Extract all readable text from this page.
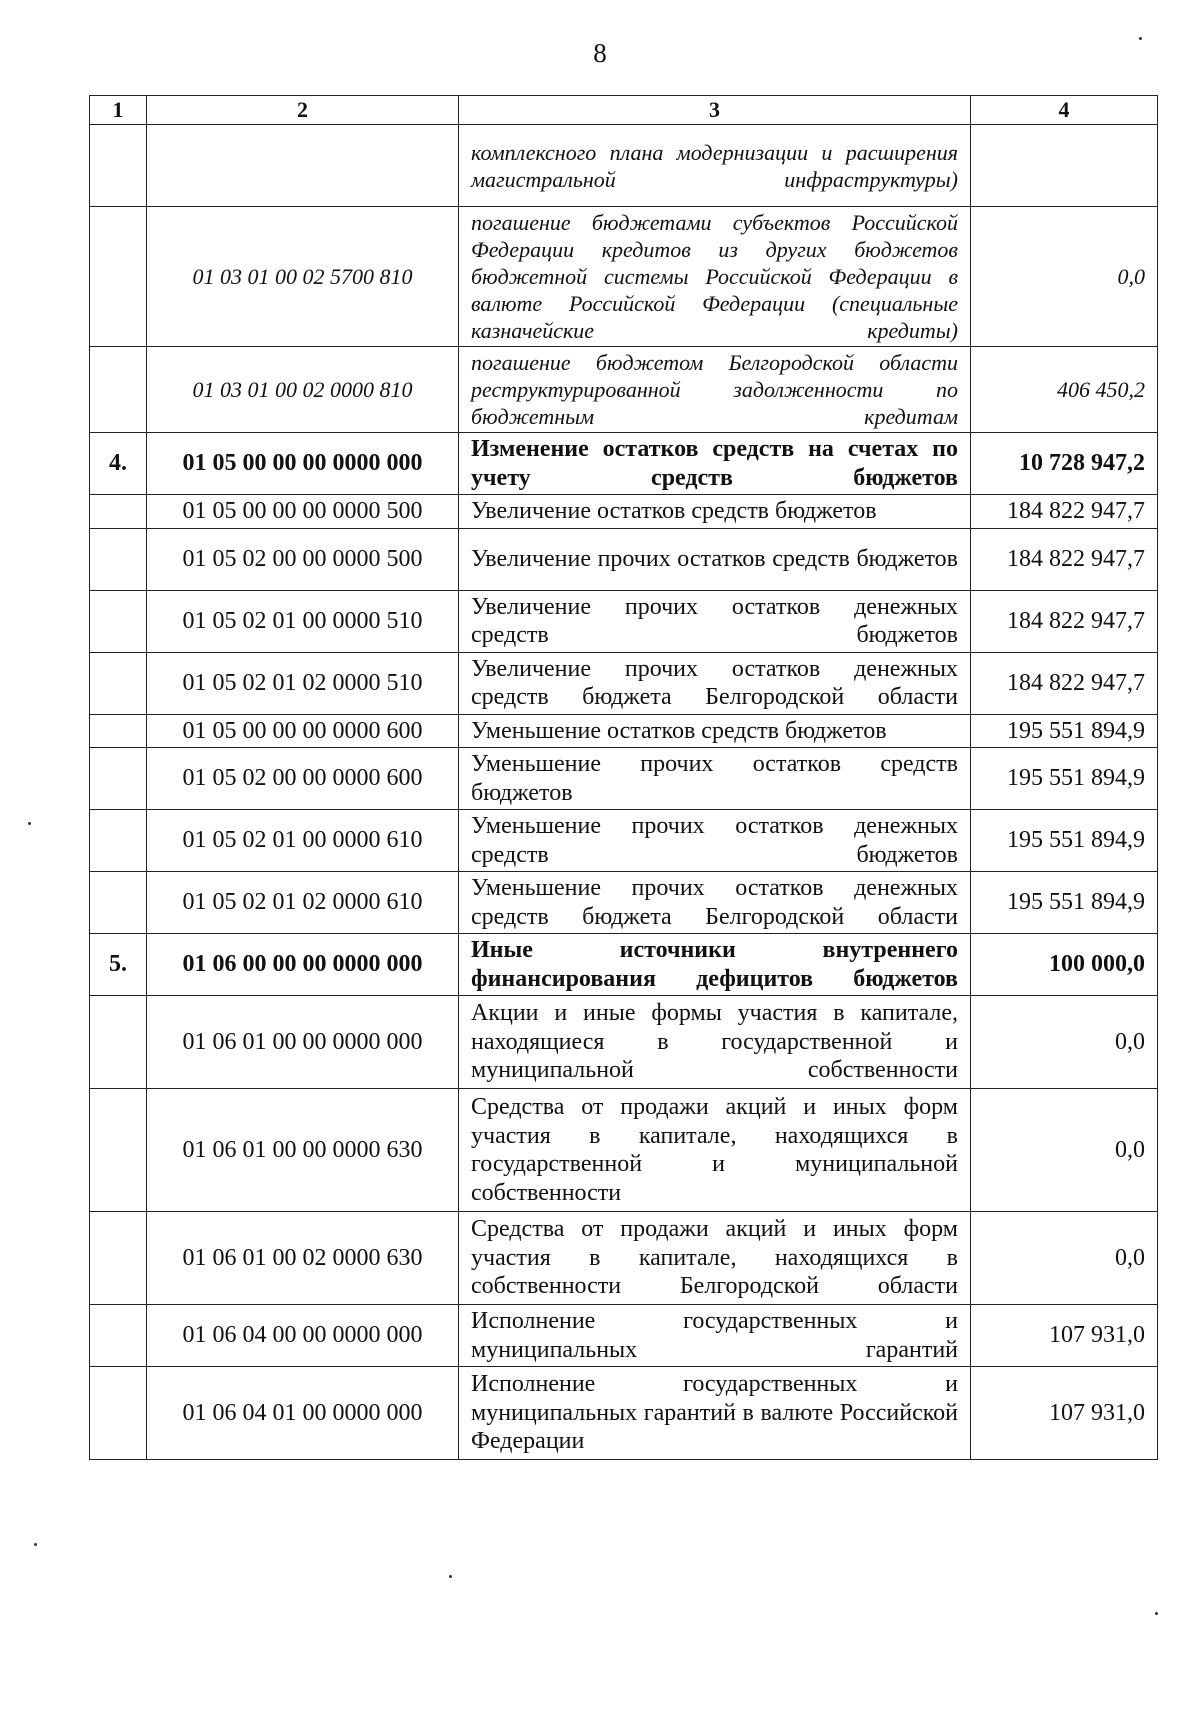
8
1	2	3	4
		комплексного плана модернизации и расширения магистральной инфраструктуры)	
	01 03 01 00 02 5700 810	погашение бюджетами субъектов Российской Федерации кредитов из других бюджетов бюджетной системы Российской Федерации в валюте Российской Федерации (специальные казначейские кредиты)	0,0
	01 03 01 00 02 0000 810	погашение бюджетом Белгородской области реструктурированной задолженности по бюджетным кредитам	406 450,2
4.	01 05 00 00 00 0000 000	Изменение остатков средств на счетах по учету средств бюджетов	10 728 947,2
	01 05 00 00 00 0000 500	Увеличение остатков средств бюджетов	184 822 947,7
	01 05 02 00 00 0000 500	Увеличение прочих остатков средств бюджетов	184 822 947,7
	01 05 02 01 00 0000 510	Увеличение прочих остатков денежных средств бюджетов	184 822 947,7
	01 05 02 01 02 0000 510	Увеличение прочих остатков денежных средств бюджета Белгородской области	184 822 947,7
	01 05 00 00 00 0000 600	Уменьшение остатков средств бюджетов	195 551 894,9
	01 05 02 00 00 0000 600	Уменьшение прочих остатков средств бюджетов	195 551 894,9
	01 05 02 01 00 0000 610	Уменьшение прочих остатков денежных средств бюджетов	195 551 894,9
	01 05 02 01 02 0000 610	Уменьшение прочих остатков денежных средств бюджета Белгородской области	195 551 894,9
5.	01 06 00 00 00 0000 000	Иные источники внутреннего финансирования дефицитов бюджетов	100 000,0
	01 06 01 00 00 0000 000	Акции и иные формы участия в капитале, находящиеся в государственной и муниципальной собственности	0,0
	01 06 01 00 00 0000 630	Средства от продажи акций и иных форм участия в капитале, находящихся в государственной и муниципальной собственности	0,0
	01 06 01 00 02 0000 630	Средства от продажи акций и иных форм участия в капитале, находящихся в собственности Белгородской области	0,0
	01 06 04 00 00 0000 000	Исполнение государственных и муниципальных гарантий	107 931,0
	01 06 04 01 00 0000 000	Исполнение государственных и муниципальных гарантий в валюте Российской Федерации	107 931,0
